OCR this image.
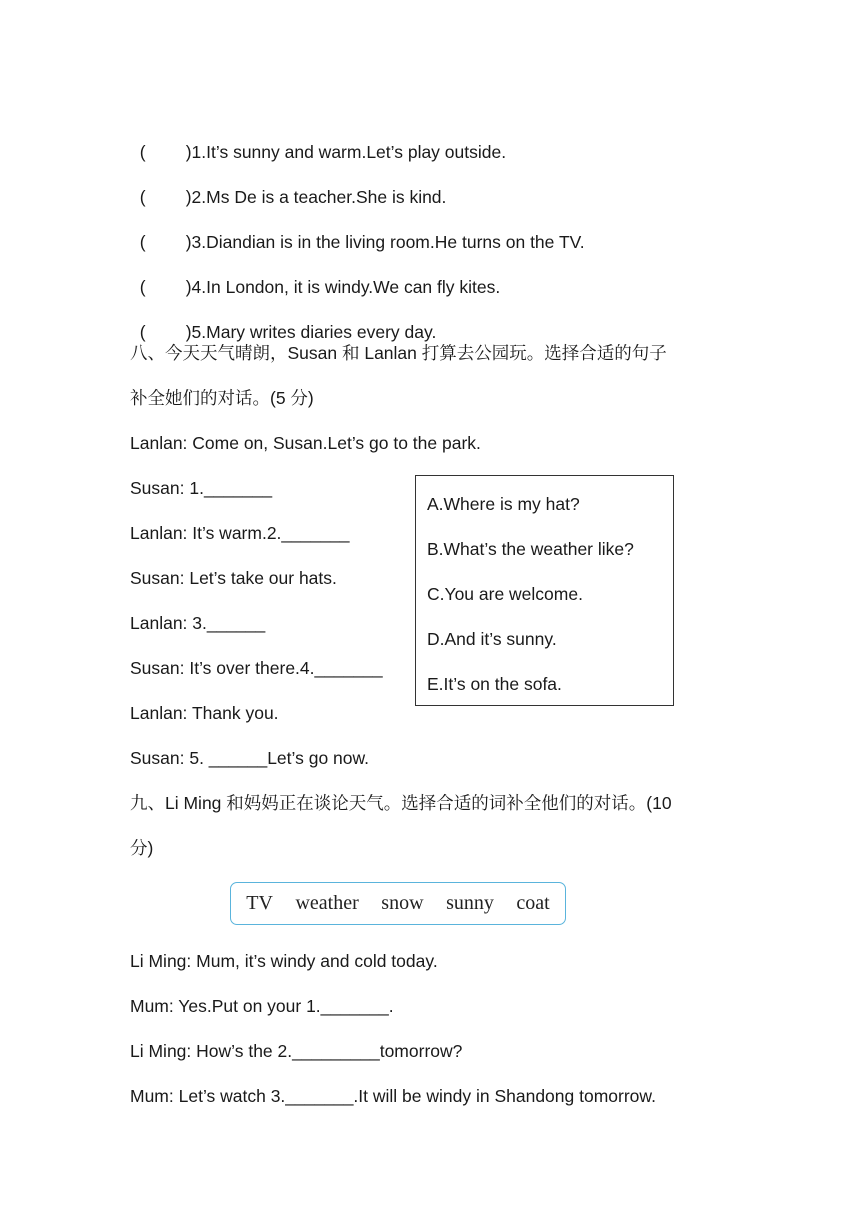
( )1.It’s sunny and warm.Let’s play outside.

( )2.Ms De is a teacher.She is kind.

( )3.Diandian is in the living room.He turns on the TV.

( )4.In London, it is windy.We can fly kites.

( )5.Mary writes diaries every day.

八、今天天气晴朗，Susan 和 Lanlan 打算去公园玩。选择合适的句子
补全她们的对话。(5 分)
Lanlan: Come on, Susan.Let’s go to the park.
Susan: 1._______
Lanlan: It’s warm.2._______
Susan: Let’s take our hats.
Lanlan: 3.______
Susan: It’s over there.4._______
Lanlan: Thank you.
Susan: 5. ______Let’s go now.
A.Where is my hat?
B.What’s the weather like?
C.You are welcome.
D.And it’s sunny.
E.It’s on the sofa.
九、Li Ming 和妈妈正在谈论天气。选择合适的词补全他们的对话。(10
分)
TV weather snow sunny coat
Li Ming: Mum, it’s windy and cold today.
Mum: Yes.Put on your 1._______.
Li Ming: How’s the 2._________tomorrow?
Mum: Let’s watch 3._______.It will be windy in Shandong tomorrow.
